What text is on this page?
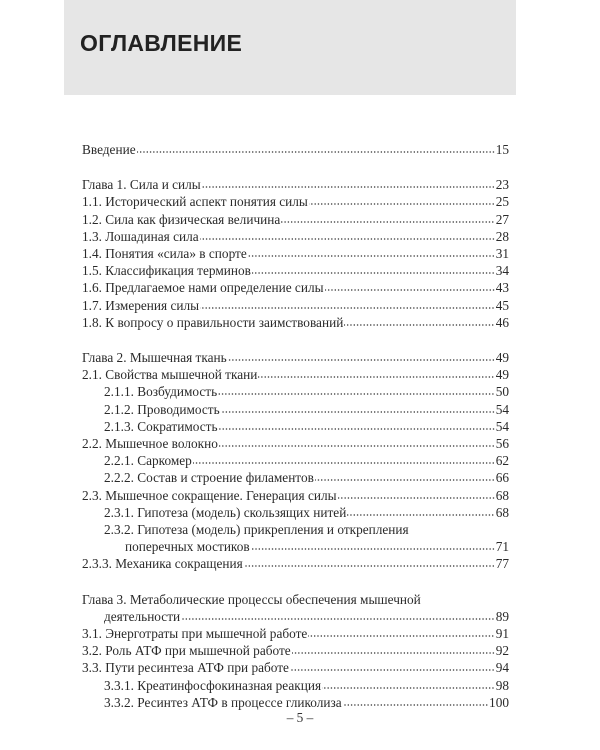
ОГЛАВЛЕНИЕ
Введение	15
Глава 1. Сила и силы	23
1.1. Исторический аспект понятия силы	25
1.2. Сила как физическая величина	27
1.3. Лошадиная сила	28
1.4. Понятия «сила» в спорте	31
1.5. Классификация терминов	34
1.6. Предлагаемое нами определение силы	43
1.7. Измерения силы	45
1.8. К вопросу о правильности заимствований	46
Глава 2. Мышечная ткань	49
2.1. Свойства мышечной ткани	49
2.1.1. Возбудимость	50
2.1.2. Проводимость	54
2.1.3. Сократимость	54
2.2. Мышечное волокно	56
2.2.1. Саркомер	62
2.2.2. Состав и строение филаментов	66
2.3. Мышечное сокращение. Генерация силы	68
2.3.1. Гипотеза (модель) скользящих нитей	68
2.3.2. Гипотеза (модель) прикрепления и открепления
поперечных мостиков	71
2.3.3. Механика сокращения	77
Глава 3. Метаболические процессы обеспечения мышечной
деятельности	89
3.1. Энерготраты при мышечной работе	91
3.2. Роль АТФ при мышечной работе	92
3.3. Пути ресинтеза АТФ при работе	94
3.3.1. Креатинфосфокиназная реакция	98
3.3.2. Ресинтез АТФ в процессе гликолиза	100
– 5 –
